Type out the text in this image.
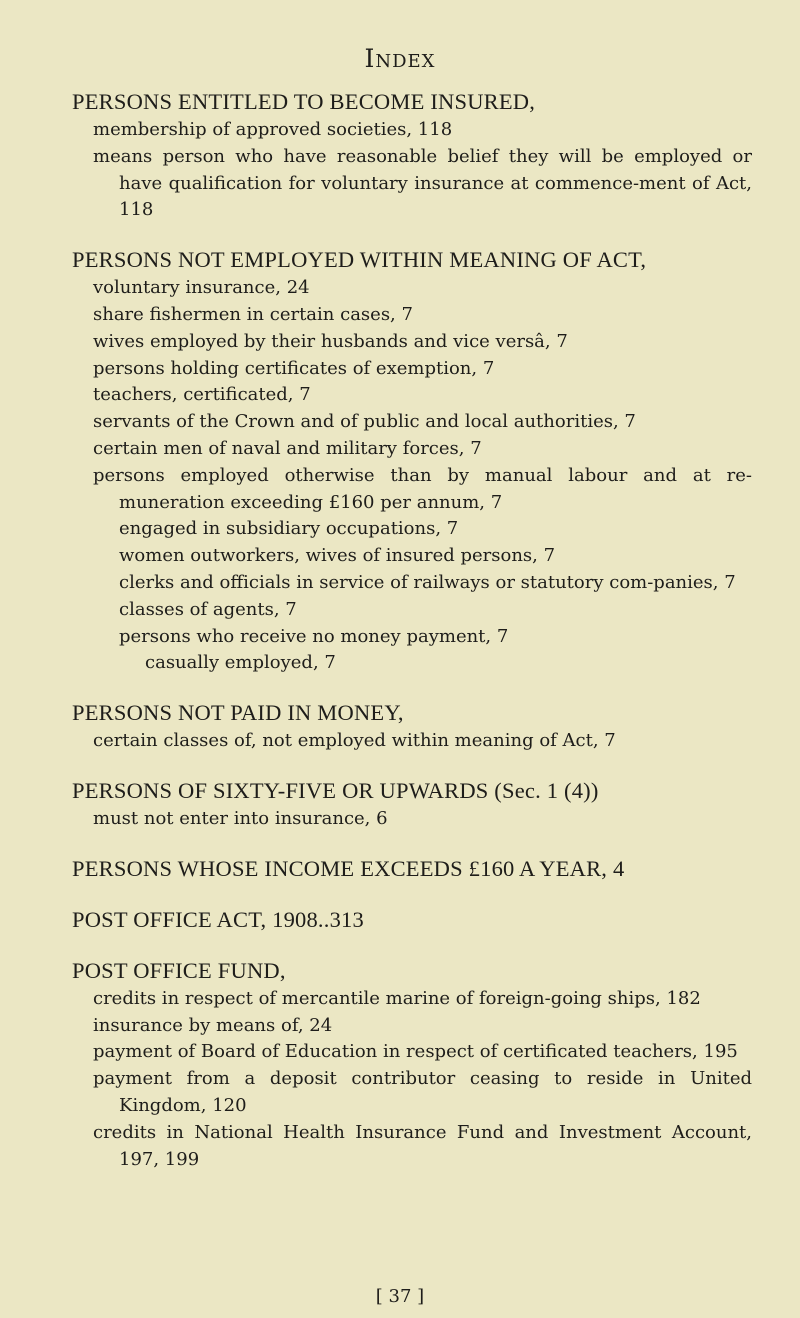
Index
PERSONS ENTITLED TO BECOME INSURED,

membership of approved societies, 118

means person who have reasonable belief they will be employed or have qualification for voluntary insurance at commence-ment of Act, 118

PERSONS NOT EMPLOYED WITHIN MEANING OF ACT,

voluntary insurance, 24

share fishermen in certain cases, 7

wives employed by their husbands and vice versâ, 7

persons holding certificates of exemption, 7

teachers, certificated, 7

servants of the Crown and of public and local authorities, 7

certain men of naval and military forces, 7

persons employed otherwise than by manual labour and at re-muneration exceeding £160 per annum, 7

engaged in subsidiary occupations, 7

women outworkers, wives of insured persons, 7

clerks and officials in service of railways or statutory com-panies, 7

classes of agents, 7

persons who receive no money payment, 7

casually employed, 7

PERSONS NOT PAID IN MONEY,

certain classes of, not employed within meaning of Act, 7

PERSONS OF SIXTY-FIVE OR UPWARDS (Sec. 1 (4))

must not enter into insurance, 6

PERSONS WHOSE INCOME EXCEEDS £160 A YEAR, 4
POST OFFICE ACT, 1908..313
POST OFFICE FUND,

credits in respect of mercantile marine of foreign-going ships, 182

insurance by means of, 24

payment of Board of Education in respect of certificated teachers, 195

payment from a deposit contributor ceasing to reside in United Kingdom, 120

credits in National Health Insurance Fund and Investment Account, 197, 199

[ 37 ]
